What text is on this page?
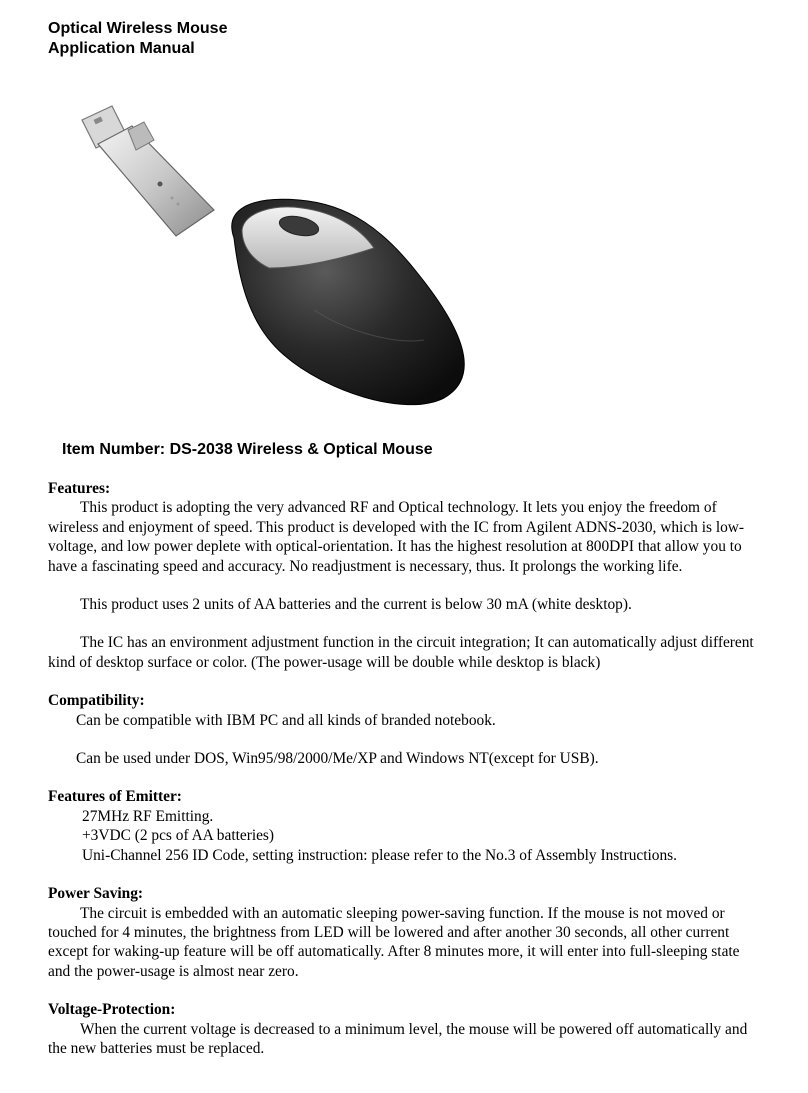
Optical Wireless Mouse
Application Manual
Item Number: DS-2038 Wireless & Optical Mouse
Features:

This product is adopting the very advanced RF and Optical technology. It lets you enjoy the freedom of wireless and enjoyment of speed. This product is developed with the IC from Agilent ADNS-2030, which is low-voltage, and low power deplete with optical-orientation. It has the highest resolution at 800DPI that allow you to have a fascinating speed and accuracy. No readjustment is necessary, thus. It prolongs the working life.

This product uses 2 units of AA batteries and the current is below 30 mA (white desktop).

The IC has an environment adjustment function in the circuit integration; It can automatically adjust different kind of desktop surface or color. (The power-usage will be double while desktop is black)

Compatibility:

Can be compatible with IBM PC and all kinds of branded notebook.

Can be used under DOS, Win95/98/2000/Me/XP and Windows NT(except for USB).

Features of Emitter:

27MHz RF Emitting.

+3VDC (2 pcs of AA batteries)

Uni-Channel 256 ID Code, setting instruction: please refer to the No.3 of Assembly Instructions.

Power Saving:

The circuit is embedded with an automatic sleeping power-saving function. If the mouse is not moved or touched for 4 minutes, the brightness from LED will be lowered and after another 30 seconds, all other current except for waking-up feature will be off automatically. After 8 minutes more, it will enter into full-sleeping state and the power-usage is almost near zero.

Voltage-Protection:

When the current voltage is decreased to a minimum level, the mouse will be powered off automatically and the new batteries must be replaced.
